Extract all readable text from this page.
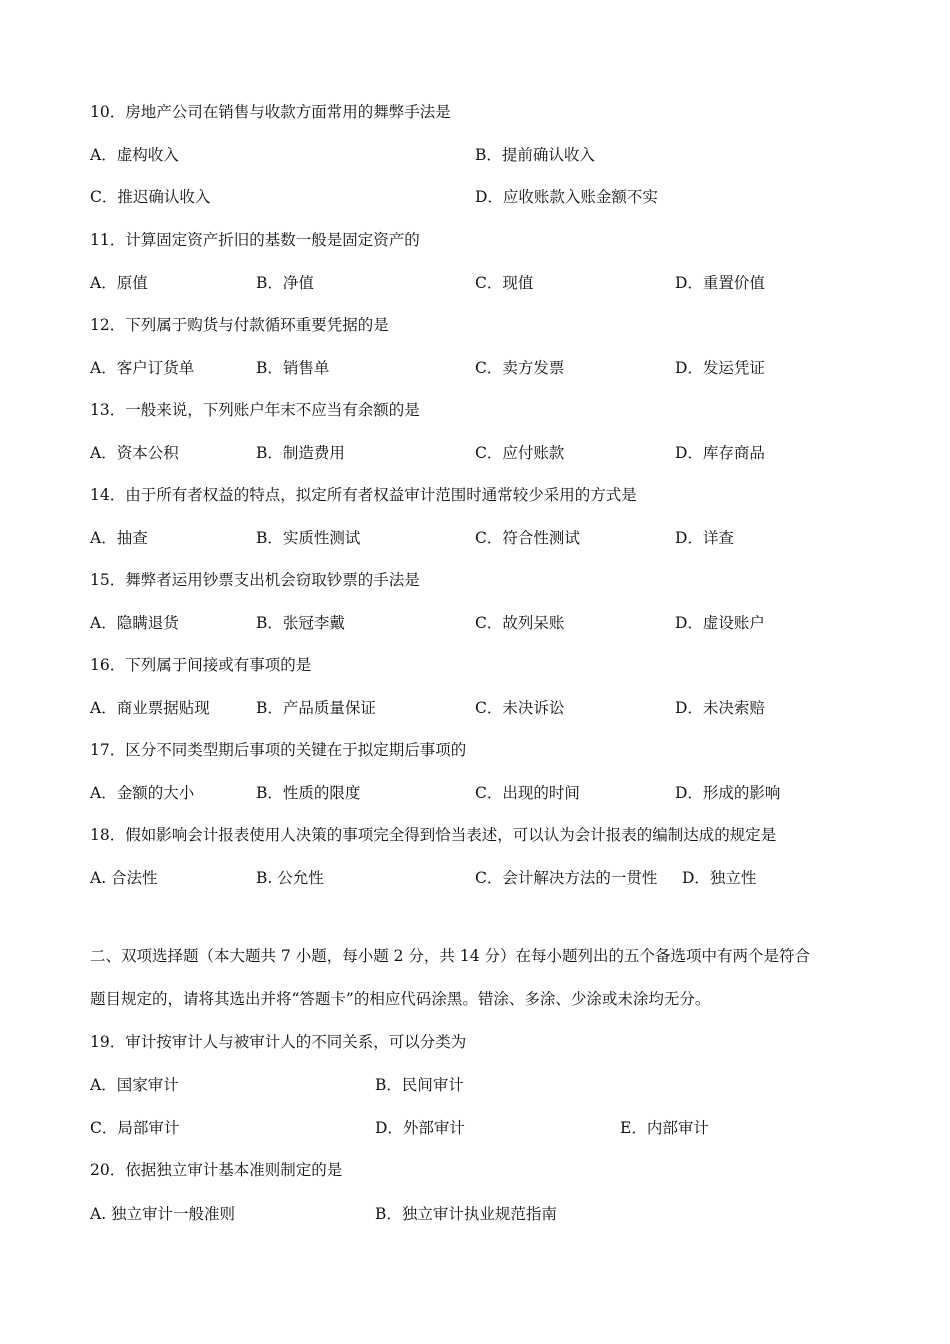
10．房地产公司在销售与收款方面常用的舞弊手法是
A．虚构收入	B．提前确认收入
C．推迟确认收入	D．应收账款入账金额不实
11．计算固定资产折旧的基数一般是固定资产的
A．原值	B．净值	C．现值	D．重置价值
12．下列属于购货与付款循环重要凭据的是
A．客户订货单	B．销售单	C．卖方发票	D．发运凭证
13．一般来说，下列账户年末不应当有余额的是
A．资本公积	B．制造费用	C．应付账款	D．库存商品
14．由于所有者权益的特点，拟定所有者权益审计范围时通常较少采用的方式是
A．抽查	B．实质性测试	C．符合性测试	D．详查
15．舞弊者运用钞票支出机会窃取钞票的手法是
A．隐瞒退货	B．张冠李戴	C．故列呆账	D．虚设账户
16．下列属于间接或有事项的是
A．商业票据贴现	B．产品质量保证	C．未决诉讼	D．未决索赔
17．区分不同类型期后事项的关键在于拟定期后事项的
A．金额的大小	B．性质的限度	C．出现的时间	D．形成的影响
18．假如影响会计报表使用人决策的事项完全得到恰当表述，可以认为会计报表的编制达成的规定是
A. 合法性	B. 公允性	C．会计解决方法的一贯性 D．独立性
二、双项选择题（本大题共 7 小题，每小题 2 分，共 14 分）在每小题列出的五个备选项中有两个是符合
题目规定的，请将其选出并将“答题卡”的相应代码涂黑。错涂、多涂、少涂或未涂均无分。
19．审计按审计人与被审计人的不同关系，可以分类为
A．国家审计	B．民间审计
C．局部审计	D．外部审计	E．内部审计
20．依据独立审计基本准则制定的是
A. 独立审计一般准则	B．独立审计执业规范指南
